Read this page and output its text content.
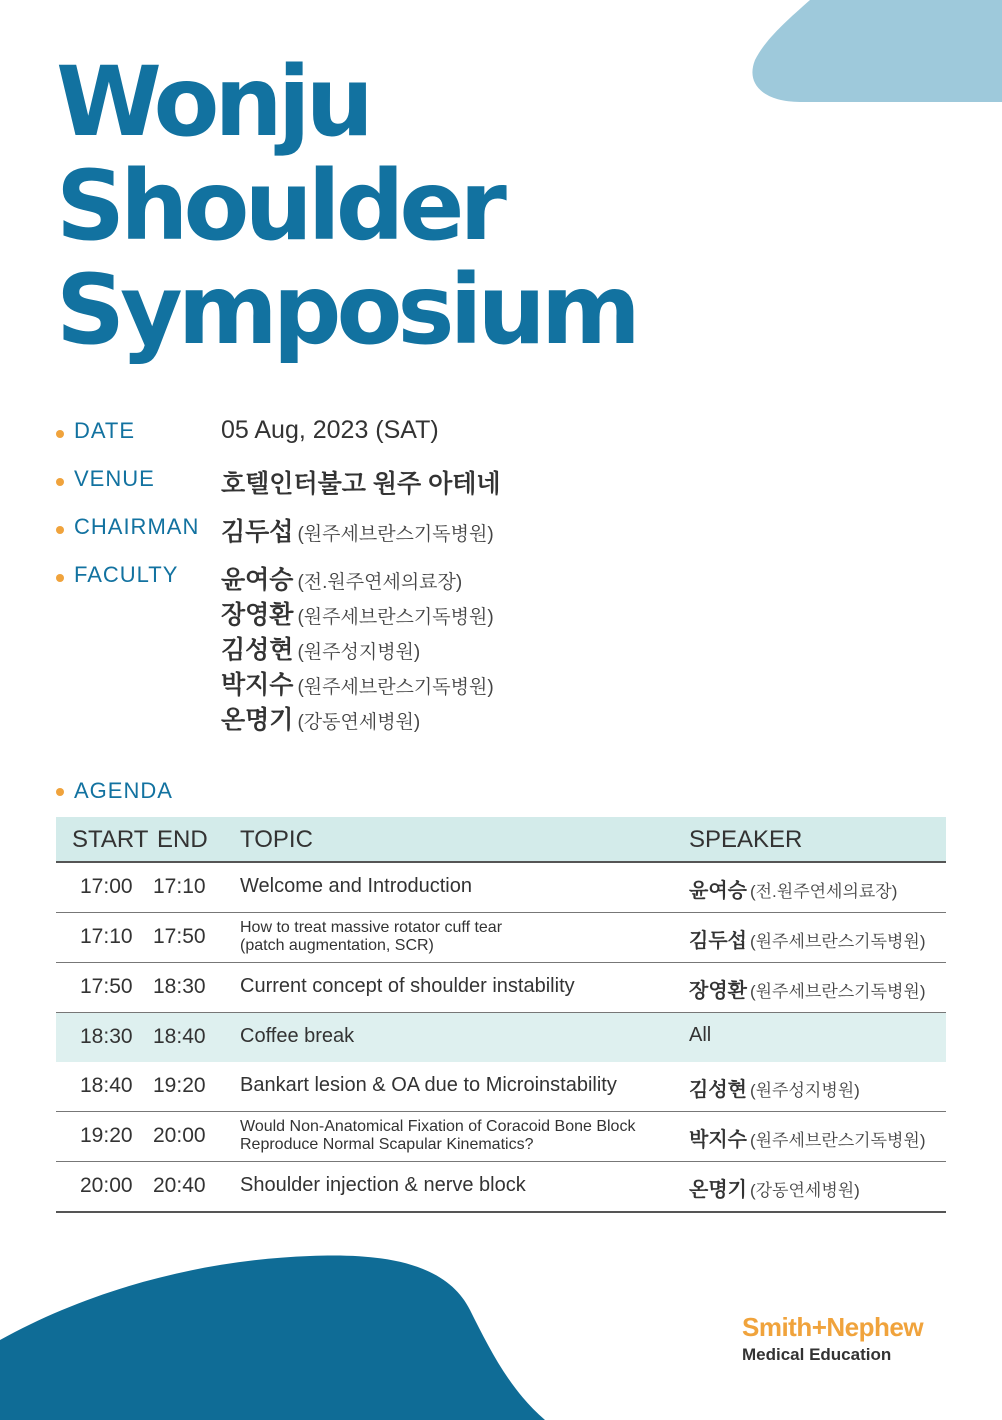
Wonju
Shoulder
Symposium
DATE	05 Aug, 2023 (SAT)
VENUE	호텔인터불고 원주 아테네
CHAIRMAN 김두섭 (원주세브란스기독병원)
FACULTY 윤여승 (전.원주연세의료장)
장영환 (원주세브란스기독병원)
김성현 (원주성지병원)
박지수 (원주세브란스기독병원)
온명기 (강동연세병원)
AGENDA
START END TOPIC	SPEAKER
17:00 17:10 Welcome and Introduction	윤여승 (전.원주연세의료장)
17:10 17:50 How to treat massive rotator cuff tear
(patch augmentation, SCR)	김두섭 (원주세브란스기독병원)
17:50 18:30 Current concept of shoulder instability	장영환 (원주세브란스기독병원)
18:30 18:40 Coffee break	All
18:40 19:20 Bankart lesion & OA due to Microinstability	김성현 (원주성지병원)
19:20 20:00 Would Non-Anatomical Fixation of Coracoid Bone Block
Reproduce Normal Scapular Kinematics?	박지수 (원주세브란스기독병원)
20:00 20:40 Shoulder injection & nerve block	온명기 (강동연세병원)
Smith+Nephew
Medical Education
